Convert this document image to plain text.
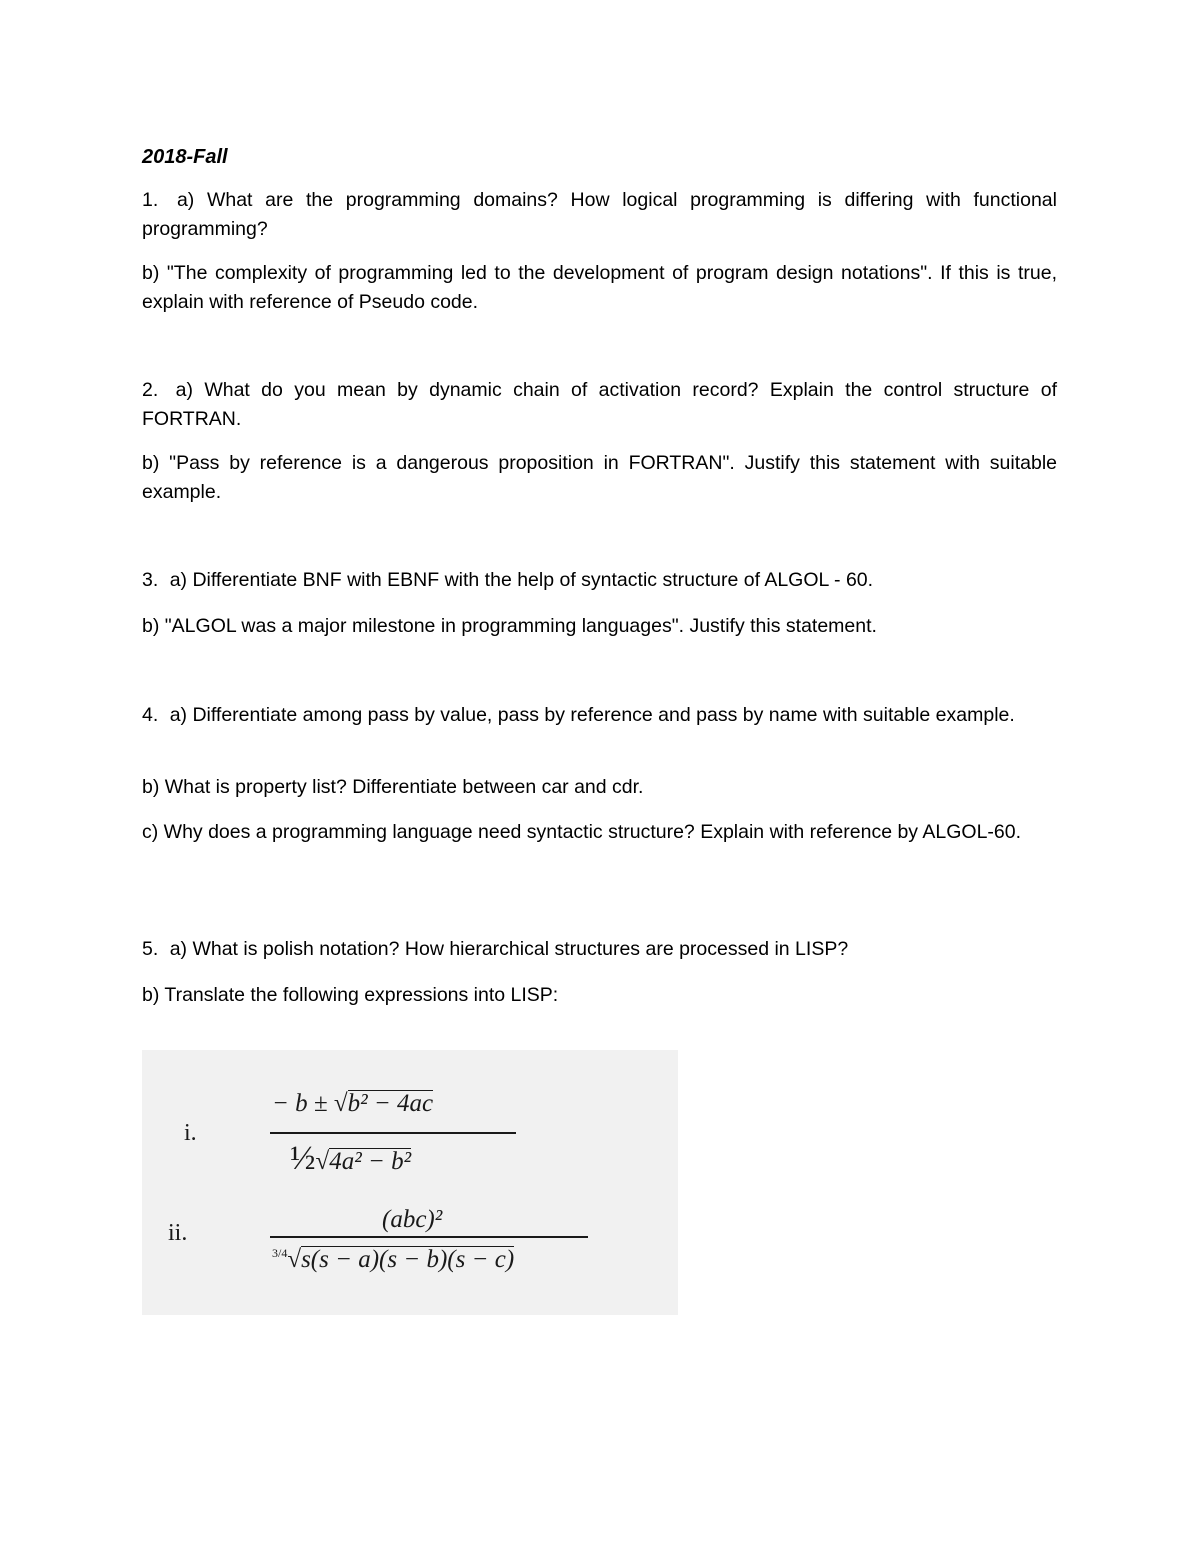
2018-Fall
1. a) What are the programming domains? How logical programming is differing with functional programming?
b) "The complexity of programming led to the development of program design notations". If this is true, explain with reference of Pseudo code.
2. a) What do you mean by dynamic chain of activation record? Explain the control structure of FORTRAN.
b) "Pass by reference is a dangerous proposition in FORTRAN". Justify this statement with suitable example.
3. a) Differentiate BNF with EBNF with the help of syntactic structure of ALGOL - 60.
b) "ALGOL was a major milestone in programming languages". Justify this statement.
4. a) Differentiate among pass by value, pass by reference and pass by name with suitable example.
b) What is property list? Differentiate between car and cdr.
c) Why does a programming language need syntactic structure? Explain with reference by ALGOL-60.
5. a) What is polish notation? How hierarchical structures are processed in LISP?
b) Translate the following expressions into LISP:
i.
− b ± √b² − 4ac
½√4a² − b²
ii.	(abc)²
$^{3/4}$√s(s − a)(s − b)(s − c)
